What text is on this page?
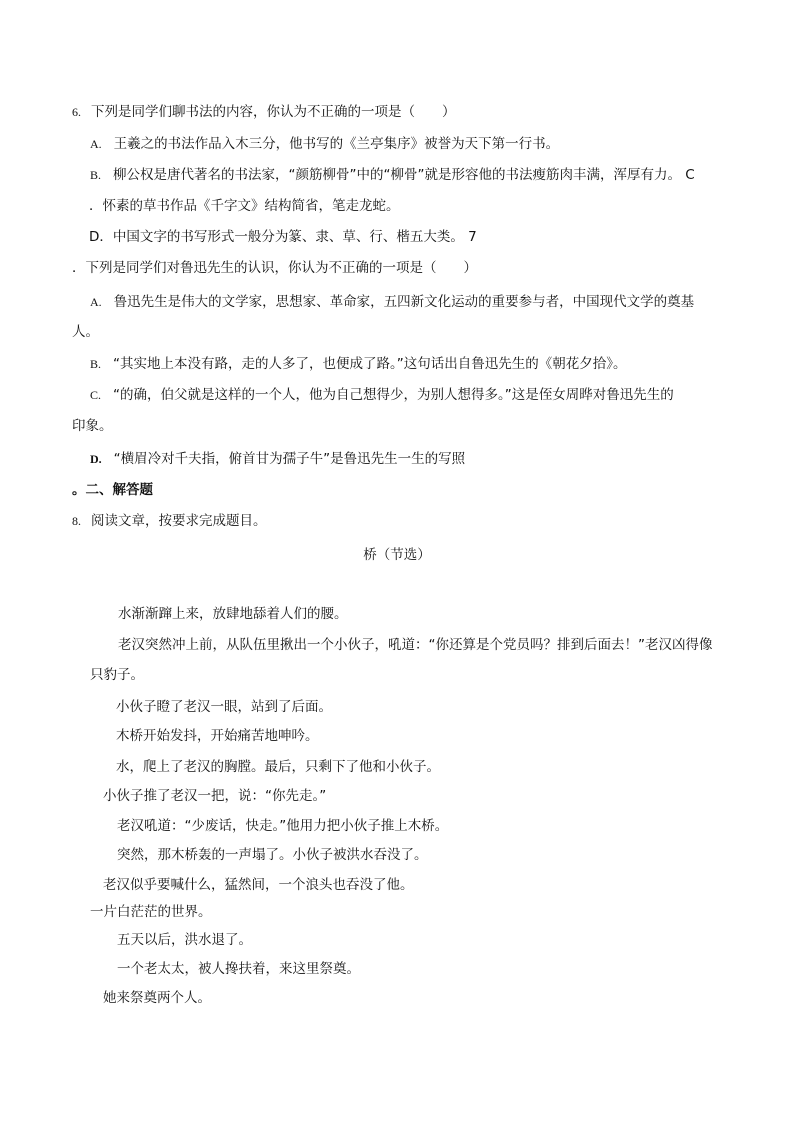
6. 下列是同学们聊书法的内容，你认为不正确的一项是（　　）
A. 王羲之的书法作品入木三分，他书写的《兰亭集序》被誉为天下第一行书。
B. 柳公权是唐代著名的书法家，“颜筋柳骨”中的“柳骨”就是形容他的书法瘦筋肉丰满，浑厚有力。 C
．怀素的草书作品《千字文》结构简省，笔走龙蛇。
D．中国文字的书写形式一般分为篆、隶、草、行、楷五大类。 7
．下列是同学们对鲁迅先生的认识，你认为不正确的一项是（　　）
A. 鲁迅先生是伟大的文学家，思想家、革命家，五四新文化运动的重要参与者，中国现代文学的奠基
人。
B. “其实地上本没有路，走的人多了，也便成了路。”这句话出自鲁迅先生的《朝花夕拾》。
C. “的确，伯父就是这样的一个人，他为自己想得少，为别人想得多。”这是侄女周晔对鲁迅先生的
印象。
D. “横眉冷对千夫指，俯首甘为孺子牛”是鲁迅先生一生的写照
。二、解答题
8. 阅读文章，按要求完成题目。
桥（节选）
水渐渐蹿上来，放肆地舔着人们的腰。
老汉突然冲上前，从队伍里揪出一个小伙子，吼道：“你还算是个党员吗？排到后面去！”老汉凶得像
只豹子。
小伙子瞪了老汉一眼，站到了后面。
木桥开始发抖，开始痛苦地呻吟。
水，爬上了老汉的胸膛。最后，只剩下了他和小伙子。
小伙子推了老汉一把，说：“你先走。”
老汉吼道：“少废话，快走。”他用力把小伙子推上木桥。
突然，那木桥轰的一声塌了。小伙子被洪水吞没了。
老汉似乎要喊什么，猛然间，一个浪头也吞没了他。
一片白茫茫的世界。
五天以后，洪水退了。
一个老太太，被人搀扶着，来这里祭奠。
她来祭奠两个人。
